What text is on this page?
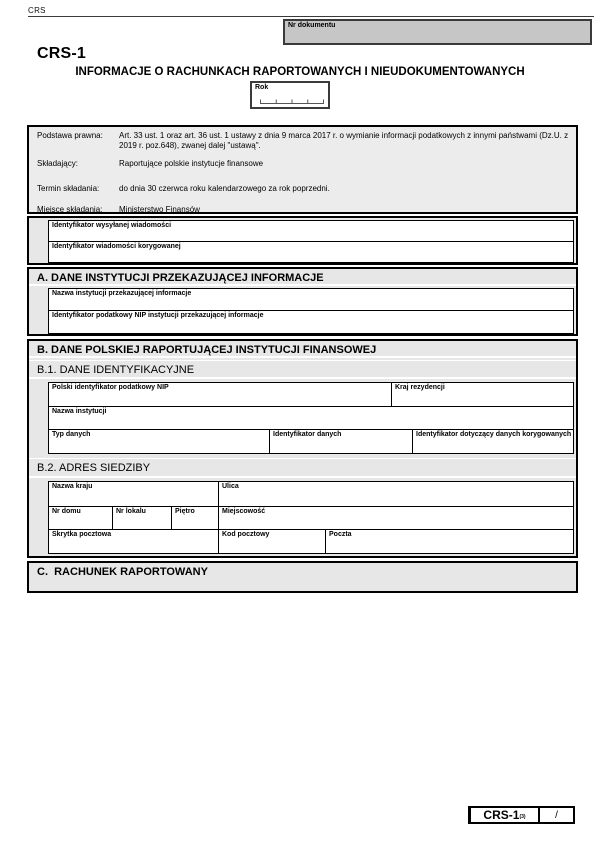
CRS
Nr dokumentu
CRS-1
INFORMACJE O RACHUNKACH RAPORTOWANYCH I NIEUDOKUMENTOWANYCH
Rok
Podstawa prawna:	Art. 33 ust. 1 oraz art. 36 ust. 1 ustawy z dnia 9 marca 2017 r. o wymianie informacji podatkowych z innymi państwami (Dz.U. z 2019 r. poz.648), zwanej dalej "ustawą".
Składający:	Raportujące polskie instytucje finansowe
Termin składania:	do dnia 30 czerwca roku kalendarzowego za rok poprzedni.
Miejsce składania:	Ministerstwo Finansów
Identyfikator wysyłanej wiadomości
Identyfikator wiadomości korygowanej
A. DANE INSTYTUCJI PRZEKAZUJĄCEJ INFORMACJE
Nazwa instytucji przekazującej informacje
Identyfikator podatkowy NIP instytucji przekazującej informacje
B. DANE POLSKIEJ RAPORTUJĄCEJ INSTYTUCJI FINANSOWEJ
B.1. DANE IDENTYFIKACYJNE
Polski identyfikator podatkowy NIP	Kraj rezydencji
Nazwa instytucji
Typ danych	Identyfikator danych	Identyfikator dotyczący danych korygowanych
B.2. ADRES SIEDZIBY
Nazwa kraju	Ulica
Nr domu	Nr lokalu	Piętro	Miejscowość
Skrytka pocztowa	Kod pocztowy	Poczta
C.  RACHUNEK RAPORTOWANY
CRS-1 (3)	/
